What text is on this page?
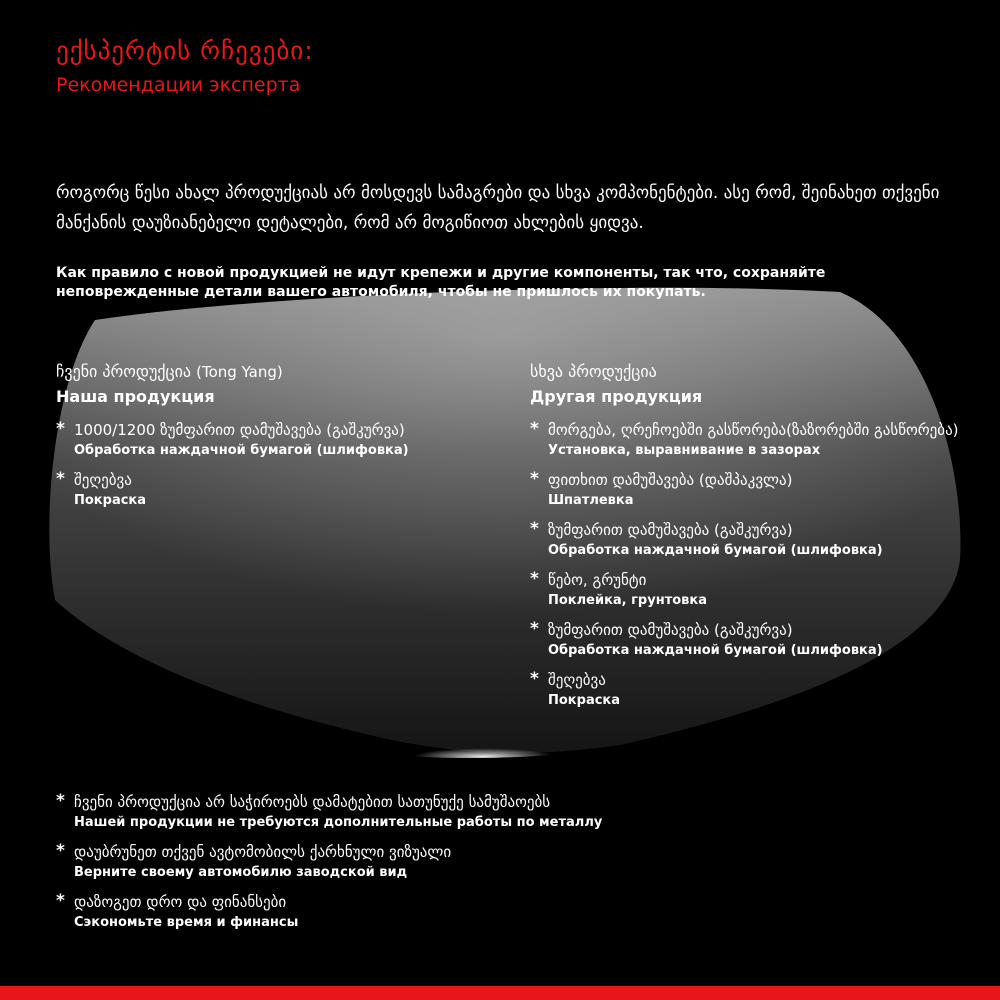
ექსპერტის რჩევები:
Рекомендации эксперта
როგორც წესი ახალ პროდუქციას არ მოსდევს სამაგრები და სხვა კომპონენტები. ასე რომ, შეინახეთ თქვენი მანქანის დაუზიანებელი დეტალები, რომ არ მოგიწიოთ ახლების ყიდვა.
Как правило с новой продукцией не идут крепежи и другие компоненты, так что, сохраняйте неповрежденные детали вашего автомобиля, чтобы не пришлось их покупать.
ჩვენი პროდუქცია (Tong Yang)
Наша продукция
* 1000/1200 ზუმფარით დამუშავება (გაშკურვა)
Обработка наждачной бумагой (шлифовка)
* შეღებვა
Покраска
სხვა პროდუქცია
Другая продукция
* მორგება, ღრეჩოებში გასწორება(ზაზორებში გასწორება)
Установка, выравнивание в зазорах
* ფითხით დამუშავება (დაშპაკვლა)
Шпатлевка
* ზუმფარით დამუშავება (გაშკურვა)
Обработка наждачной бумагой (шлифовка)
* წებო, გრუნტი
Поклейка, грунтовка
* ზუმფარით დამუშავება (გაშკურვა)
Обработка наждачной бумагой (шлифовка)
* შეღებვა
Покраска
* ჩვენი პროდუქცია არ საჭიროებს დამატებით სათუნუქე სამუშაოებს
Нашей продукции не требуются дополнительные работы по металлу
* დაუბრუნეთ თქვენ ავტომობილს ქარხნული ვიზუალი
Верните своему автомобилю заводской вид
* დაზოგეთ დრო და ფინანსები
Сэкономьте время и финансы
